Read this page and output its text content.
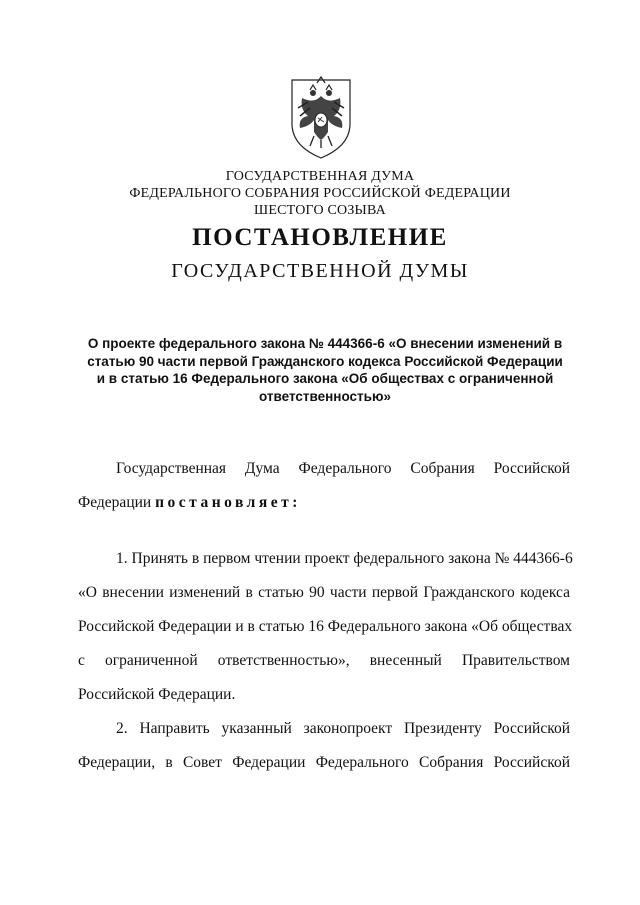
ГОСУДАРСТВЕННАЯ ДУМА
ФЕДЕРАЛЬНОГО СОБРАНИЯ РОССИЙСКОЙ ФЕДЕРАЦИИ
ШЕСТОГО СОЗЫВА
ПОСТАНОВЛЕНИЕ
ГОСУДАРСТВЕННОЙ ДУМЫ
О проекте федерального закона № 444366-6 «О внесении изменений в
статью 90 части первой Гражданского кодекса Российской Федерации
и в статью 16 Федерального закона «Об обществах с ограниченной
ответственностью»
Государственная Дума Федерального Собрания Российской
Федерации постановляет:
1. Принять в первом чтении проект федерального закона № 444366-6
«О внесении изменений в статью 90 части первой Гражданского кодекса
Российской Федерации и в статью 16 Федерального закона «Об обществах
с ограниченной ответственностью», внесенный Правительством
Российской Федерации.
2. Направить указанный законопроект Президенту Российской
Федерации, в Совет Федерации Федерального Собрания Российской
